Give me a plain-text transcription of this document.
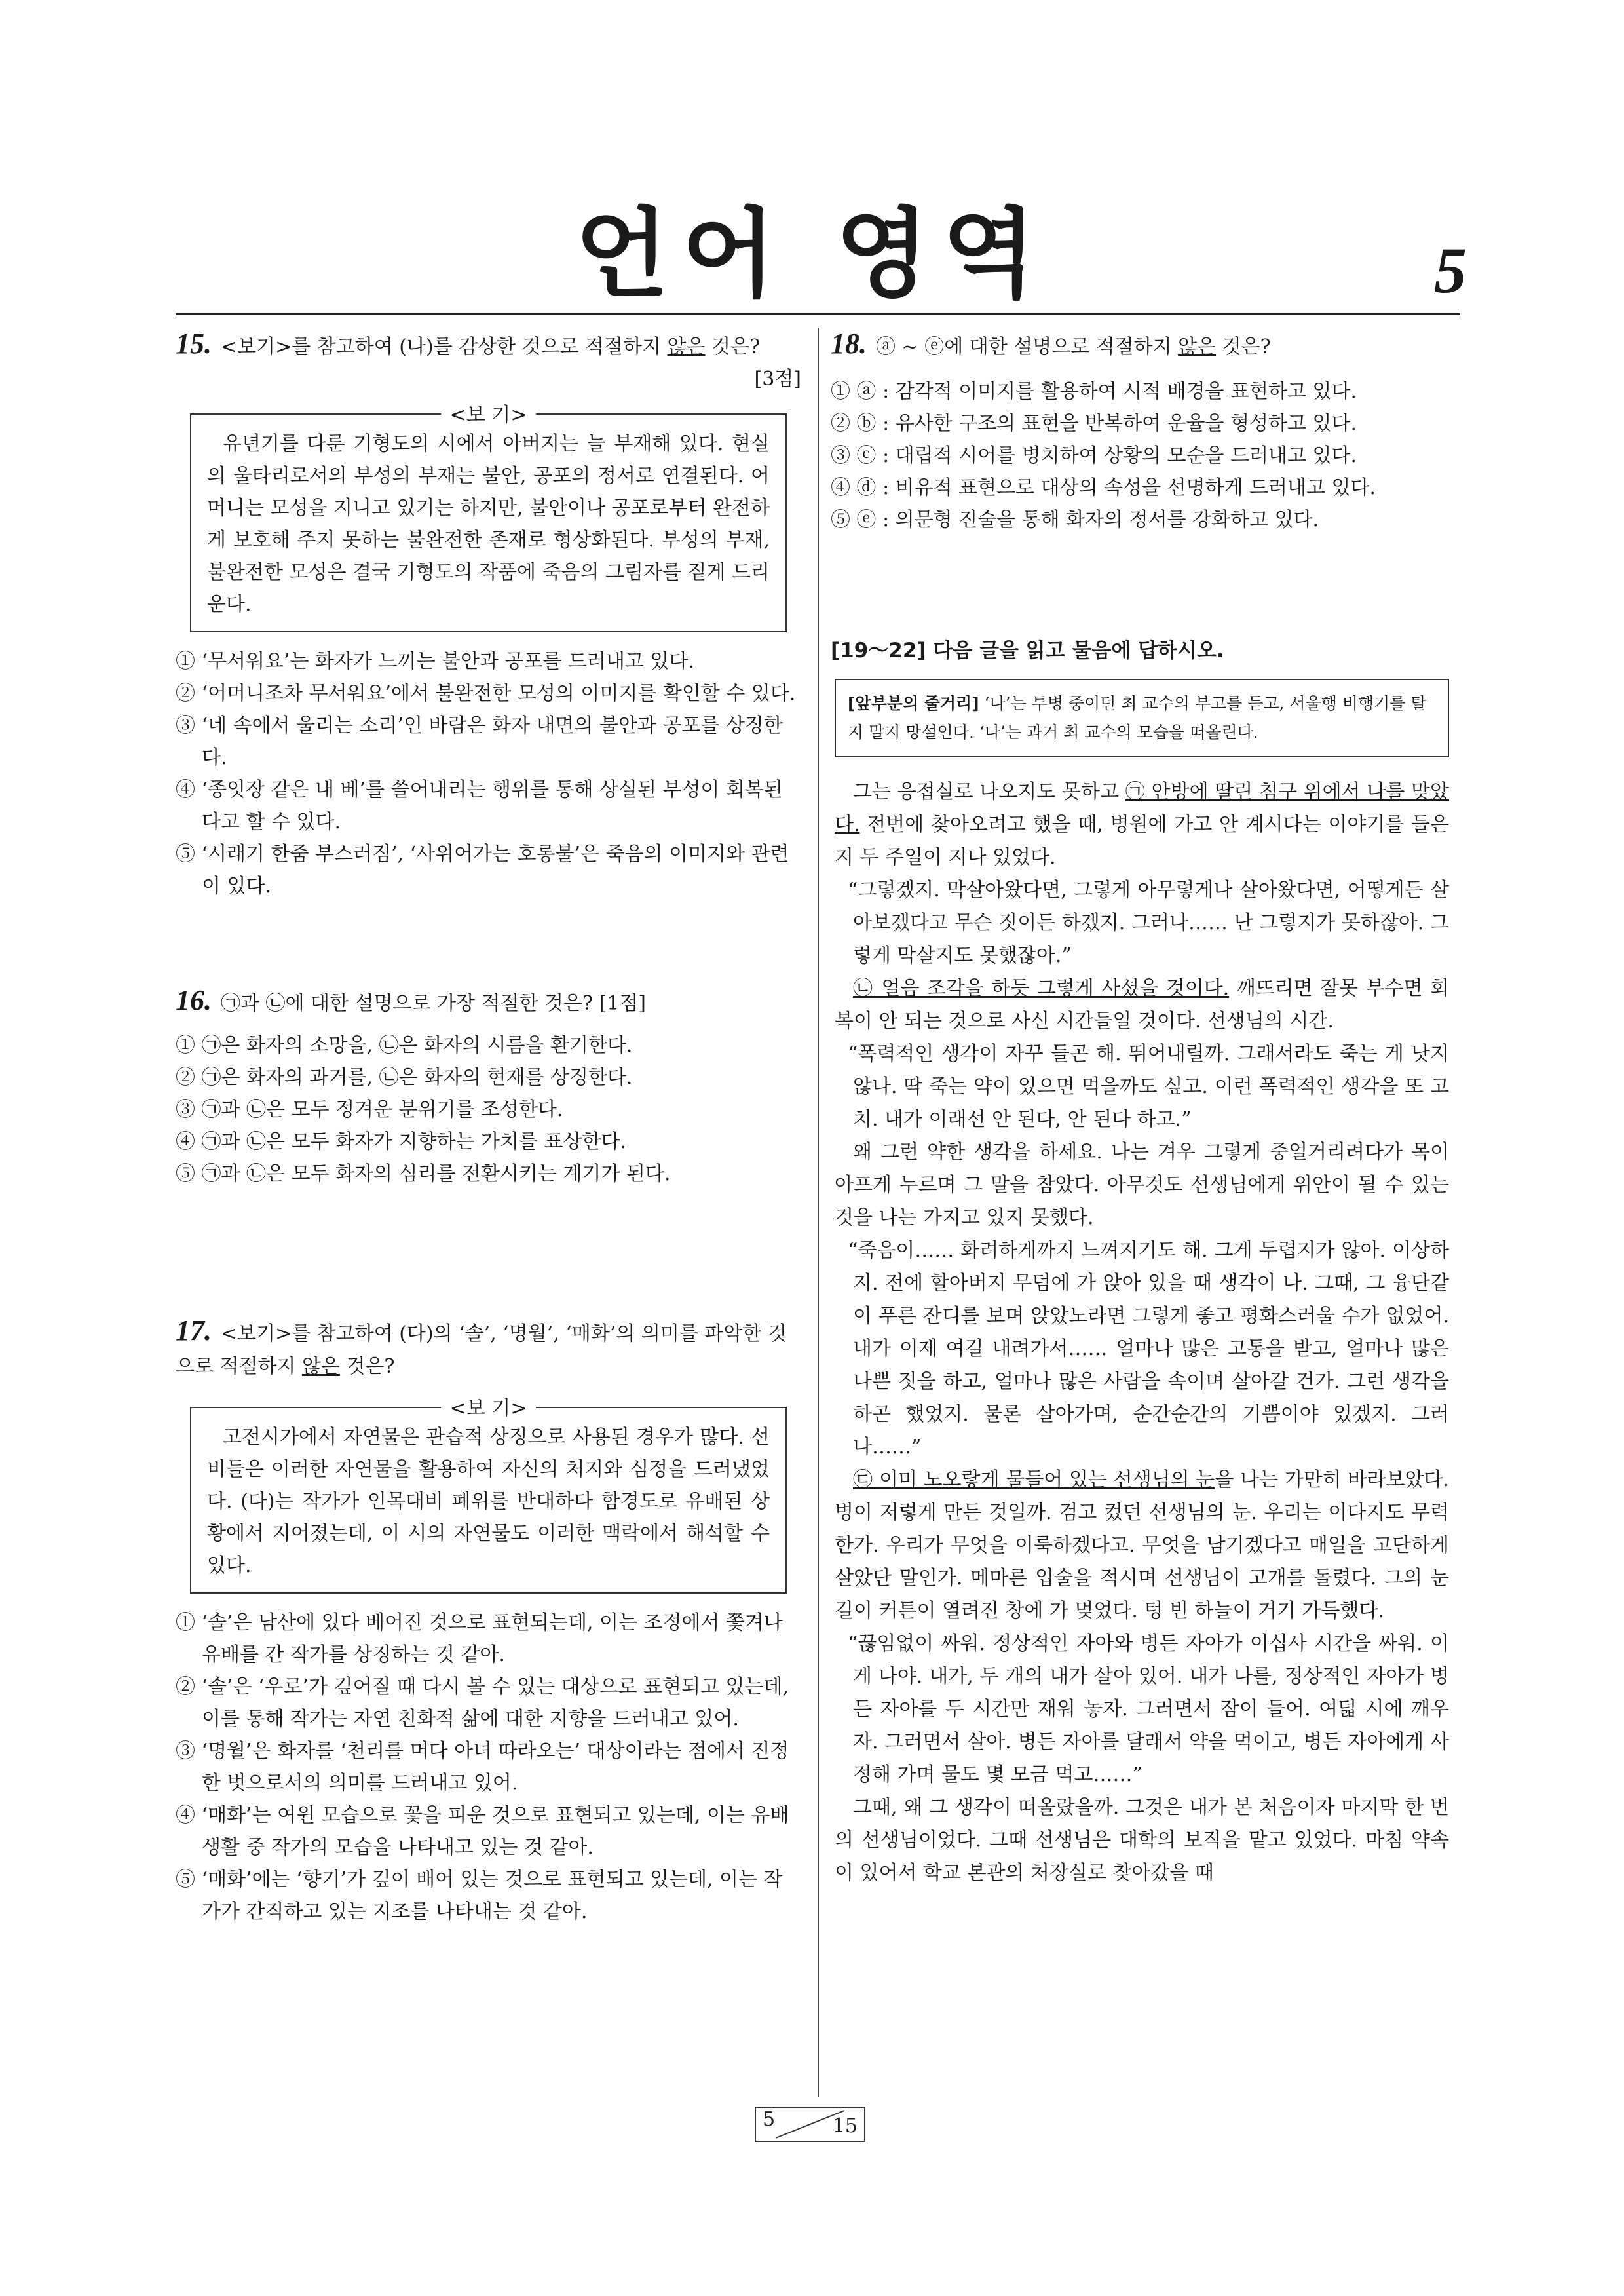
언어 영역	5

15. <보기>를 참고하여 (나)를 감상한 것으로 적절하지 않은 것은?

[3점]
<보 기>

유년기를 다룬 기형도의 시에서 아버지는 늘 부재해 있다. 현실의 울타리로서의 부성의 부재는 불안, 공포의 정서로 연결된다. 어머니는 모성을 지니고 있기는 하지만, 불안이나 공포로부터 완전하게 보호해 주지 못하는 불완전한 존재로 형상화된다. 부성의 부재, 불완전한 모성은 결국 기형도의 작품에 죽음의 그림자를 짙게 드리운다.

① ‘무서워요’는 화자가 느끼는 불안과 공포를 드러내고 있다.
② ‘어머니조차 무서워요’에서 불완전한 모성의 이미지를 확인할 수 있다.
③ ‘네 속에서 울리는 소리’인 바람은 화자 내면의 불안과 공포를 상징한다.
④ ‘종잇장 같은 내 베’를 쓸어내리는 행위를 통해 상실된 부성이 회복된다고 할 수 있다.
⑤ ‘시래기 한줌 부스러짐’, ‘사위어가는 호롱불’은 죽음의 이미지와 관련이 있다.

16. ㉠과 ㉡에 대한 설명으로 가장 적절한 것은? [1점]

① ㉠은 화자의 소망을, ㉡은 화자의 시름을 환기한다.
② ㉠은 화자의 과거를, ㉡은 화자의 현재를 상징한다.
③ ㉠과 ㉡은 모두 정겨운 분위기를 조성한다.
④ ㉠과 ㉡은 모두 화자가 지향하는 가치를 표상한다.
⑤ ㉠과 ㉡은 모두 화자의 심리를 전환시키는 계기가 된다.

17. <보기>를 참고하여 (다)의 ‘솔’, ‘명월’, ‘매화’의 의미를 파악한 것으로 적절하지 않은 것은?

<보 기>

고전시가에서 자연물은 관습적 상징으로 사용된 경우가 많다. 선비들은 이러한 자연물을 활용하여 자신의 처지와 심정을 드러냈었다. (다)는 작가가 인목대비 폐위를 반대하다 함경도로 유배된 상황에서 지어졌는데, 이 시의 자연물도 이러한 맥락에서 해석할 수 있다.

① ‘솔’은 남산에 있다 베어진 것으로 표현되는데, 이는 조정에서 쫓겨나 유배를 간 작가를 상징하는 것 같아.
② ‘솔’은 ‘우로’가 깊어질 때 다시 볼 수 있는 대상으로 표현되고 있는데, 이를 통해 작가는 자연 친화적 삶에 대한 지향을 드러내고 있어.
③ ‘명월’은 화자를 ‘천리를 머다 아녀 따라오는’ 대상이라는 점에서 진정한 벗으로서의 의미를 드러내고 있어.
④ ‘매화’는 여윈 모습으로 꽃을 피운 것으로 표현되고 있는데, 이는 유배 생활 중 작가의 모습을 나타내고 있는 것 같아.
⑤ ‘매화’에는 ‘향기’가 깊이 배어 있는 것으로 표현되고 있는데, 이는 작가가 간직하고 있는 지조를 나타내는 것 같아.

18. ⓐ ~ ⓔ에 대한 설명으로 적절하지 않은 것은?

① ⓐ : 감각적 이미지를 활용하여 시적 배경을 표현하고 있다.
② ⓑ : 유사한 구조의 표현을 반복하여 운율을 형성하고 있다.
③ ⓒ : 대립적 시어를 병치하여 상황의 모순을 드러내고 있다.
④ ⓓ : 비유적 표현으로 대상의 속성을 선명하게 드러내고 있다.
⑤ ⓔ : 의문형 진술을 통해 화자의 정서를 강화하고 있다.

[19～22] 다음 글을 읽고 물음에 답하시오.

[앞부분의 줄거리] ‘나’는 투병 중이던 최 교수의 부고를 듣고, 서울행 비행기를 탈지 말지 망설인다. ‘나’는 과거 최 교수의 모습을 떠올린다.

그는 응접실로 나오지도 못하고 ㉠ 안방에 딸린 침구 위에서 나를 맞았다. 전번에 찾아오려고 했을 때, 병원에 가고 안 계시다는 이야기를 들은 지 두 주일이 지나 있었다.

“그렇겠지. 막살아왔다면, 그렇게 아무렇게나 살아왔다면, 어떻게든 살아보겠다고 무슨 짓이든 하겠지. 그러나…… 난 그렇지가 못하잖아. 그렇게 막살지도 못했잖아.”

㉡ 얼음 조각을 하듯 그렇게 사셨을 것이다. 깨뜨리면 잘못 부수면 회복이 안 되는 것으로 사신 시간들일 것이다. 선생님의 시간.

“폭력적인 생각이 자꾸 들곤 해. 뛰어내릴까. 그래서라도 죽는 게 낫지 않나. 딱 죽는 약이 있으면 먹을까도 싶고. 이런 폭력적인 생각을 또 고치. 내가 이래선 안 된다, 안 된다 하고.”

왜 그런 약한 생각을 하세요. 나는 겨우 그렇게 중얼거리려다가 목이 아프게 누르며 그 말을 참았다. 아무것도 선생님에게 위안이 될 수 있는 것을 나는 가지고 있지 못했다.

“죽음이…… 화려하게까지 느껴지기도 해. 그게 두렵지가 않아. 이상하지. 전에 할아버지 무덤에 가 앉아 있을 때 생각이 나. 그때, 그 융단같이 푸른 잔디를 보며 앉았노라면 그렇게 좋고 평화스러울 수가 없었어. 내가 이제 여길 내려가서…… 얼마나 많은 고통을 받고, 얼마나 많은 나쁜 짓을 하고, 얼마나 많은 사람을 속이며 살아갈 건가. 그런 생각을 하곤 했었지. 물론 살아가며, 순간순간의 기쁨이야 있겠지. 그러나……”

㉢ 이미 노오랗게 물들어 있는 선생님의 눈을 나는 가만히 바라보았다. 병이 저렇게 만든 것일까. 검고 컸던 선생님의 눈. 우리는 이다지도 무력한가. 우리가 무엇을 이룩하겠다고. 무엇을 남기겠다고 매일을 고단하게 살았단 말인가. 메마른 입술을 적시며 선생님이 고개를 돌렸다. 그의 눈길이 커튼이 열려진 창에 가 멎었다. 텅 빈 하늘이 거기 가득했다.

“끊임없이 싸워. 정상적인 자아와 병든 자아가 이십사 시간을 싸워. 이게 나야. 내가, 두 개의 내가 살아 있어. 내가 나를, 정상적인 자아가 병든 자아를 두 시간만 재워 놓자. 그러면서 잠이 들어. 여덟 시에 깨우자. 그러면서 살아. 병든 자아를 달래서 약을 먹이고, 병든 자아에게 사정해 가며 물도 몇 모금 먹고……”

그때, 왜 그 생각이 떠올랐을까. 그것은 내가 본 처음이자 마지막 한 번의 선생님이었다. 그때 선생님은 대학의 보직을 맡고 있었다. 마침 약속이 있어서 학교 본관의 처장실로 찾아갔을 때

5	15
